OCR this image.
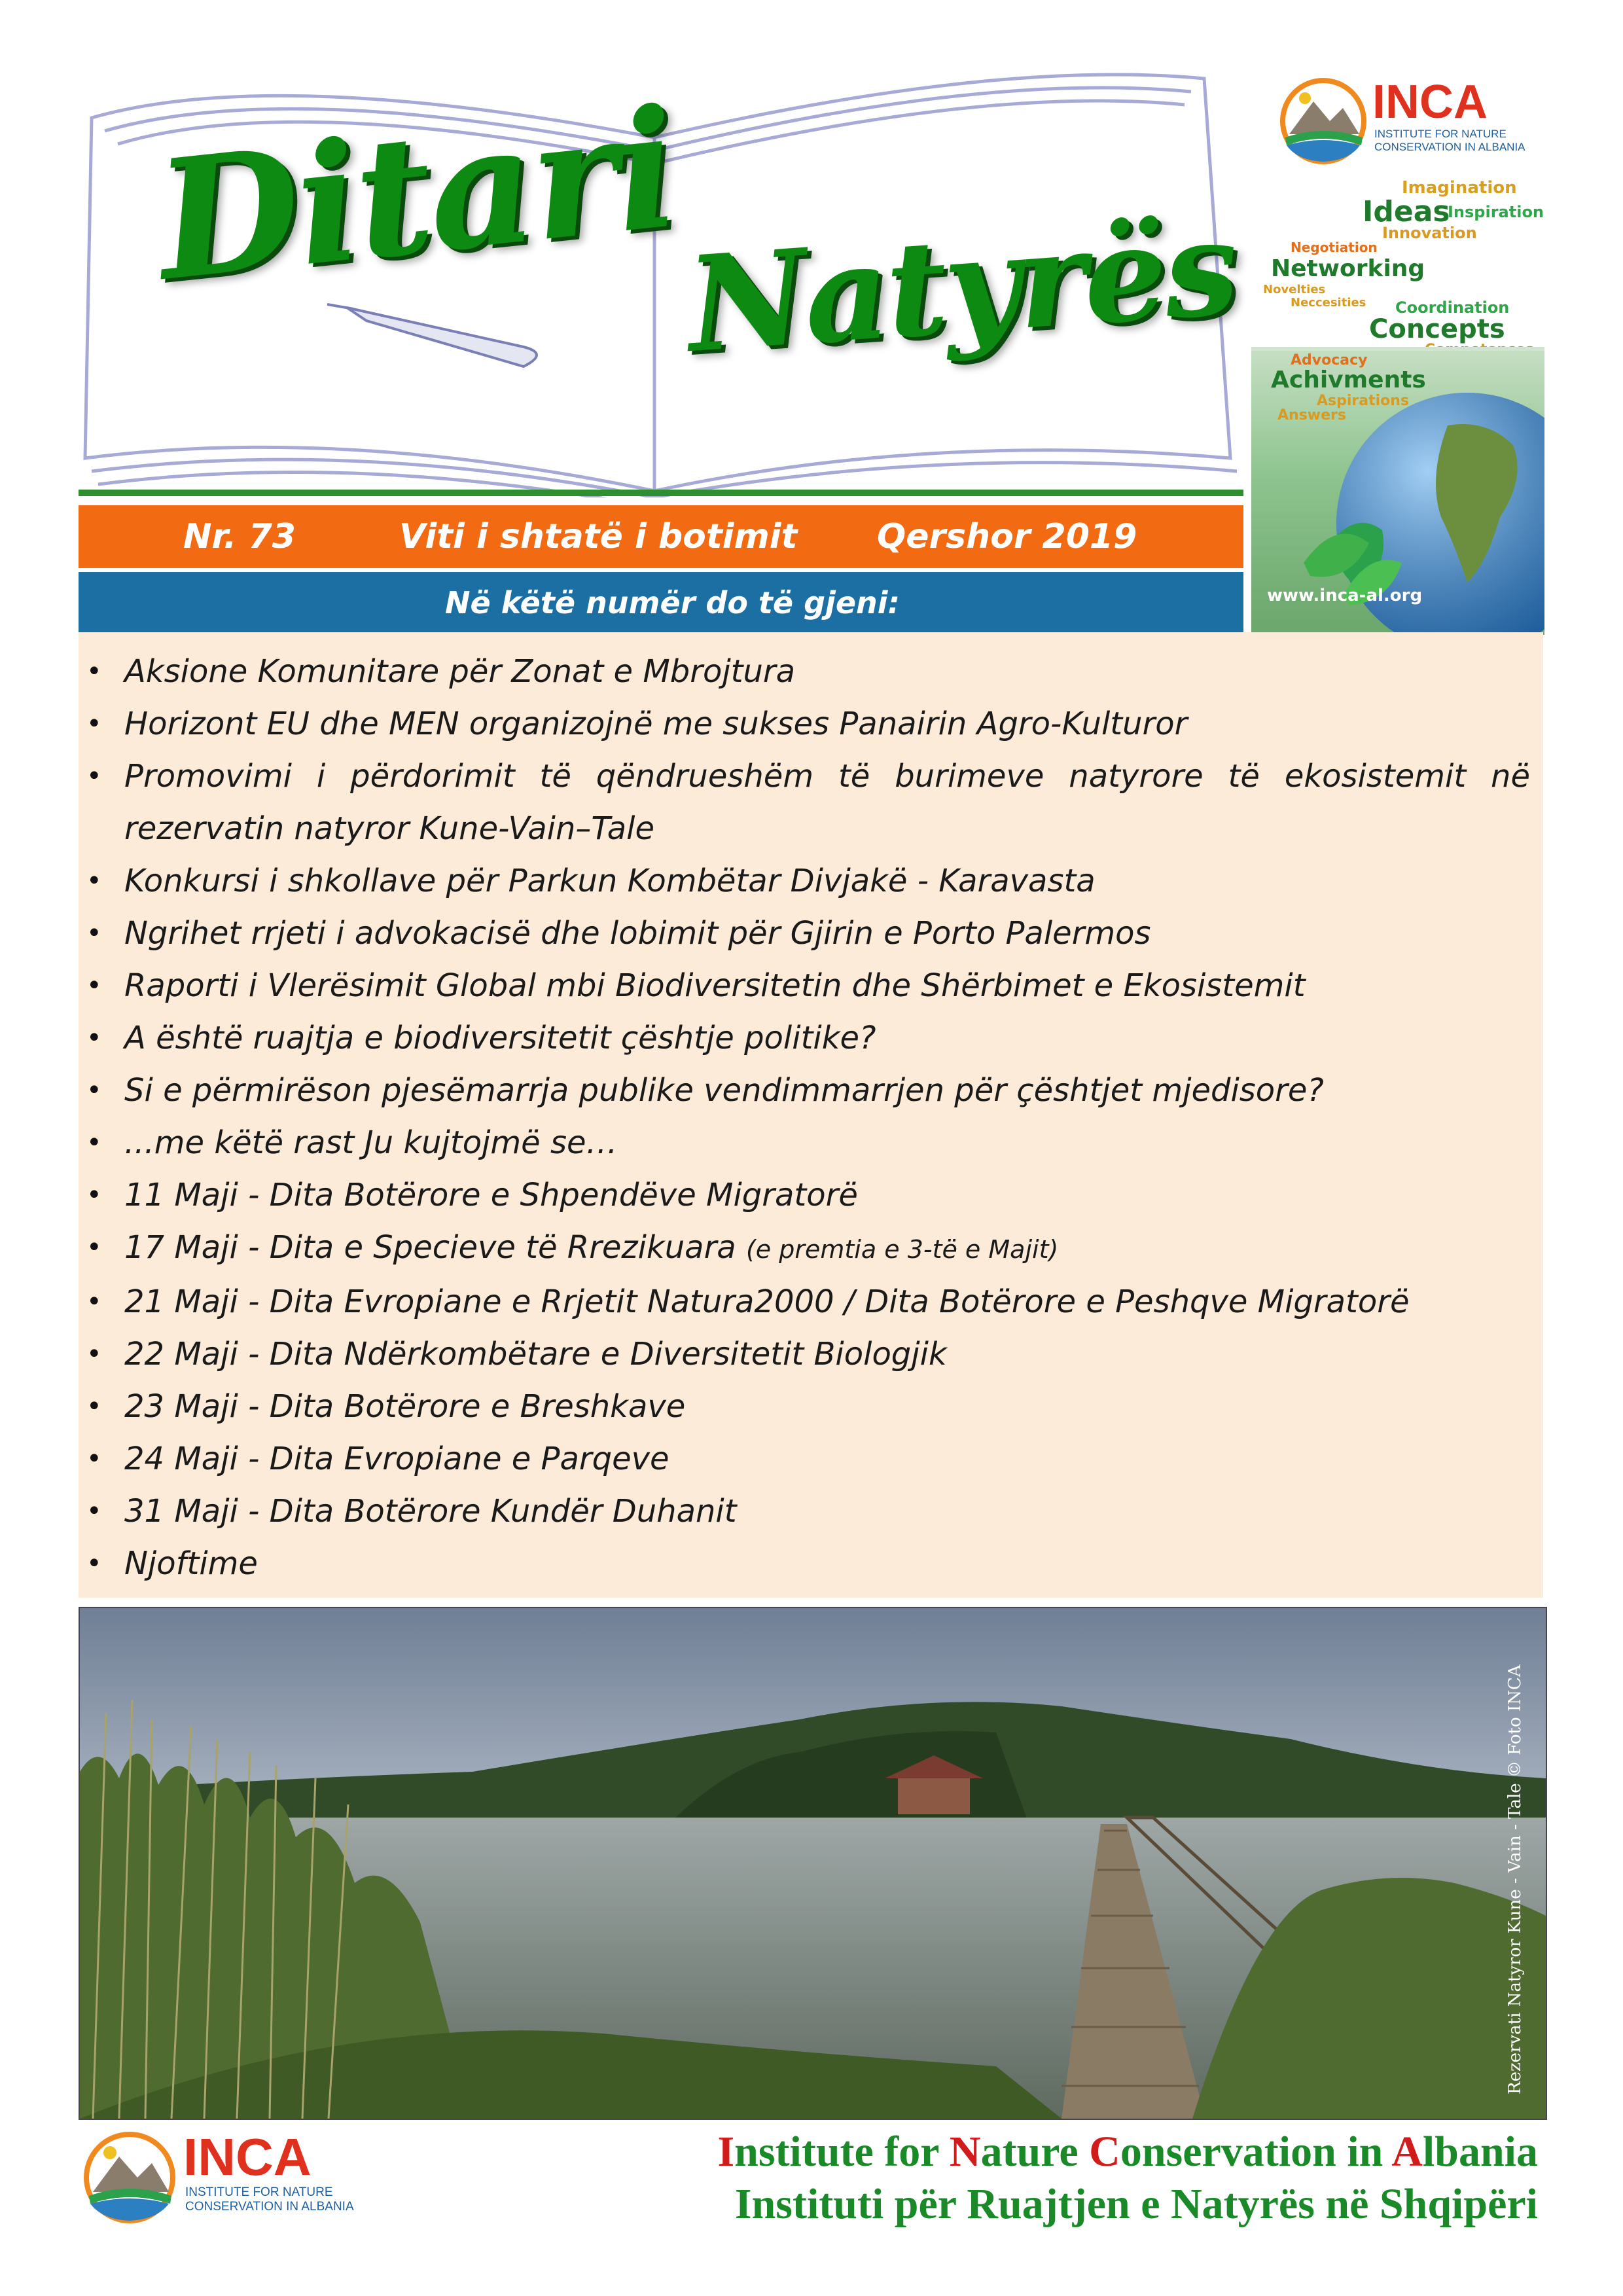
Ditari
Natyrës
Nr. 73	Viti i shtatë i botimit Qershor 2019
Në këtë numër do të gjeni:
INCA
INSTITUTE FOR NATURE
CONSERVATION IN ALBANIA
Imagination
Ideas
Inspiration
Innovation
Negotiation
Networking
Novelties
Neccesities Coordination
Concepts
Advocacy
Achivments
Aspirations
Answers
www.inca-al.org
• Aksione Komunitare për Zonat e Mbrojtura
• Horizont EU dhe MEN organizojnë me sukses Panairin Agro-Kulturor
• Promovimi i përdorimit të qëndrueshëm të burimeve natyrore të ekosistemit në rezervatin natyror Kune-Vain–Tale
• Konkursi i shkollave për Parkun Kombëtar Divjakë - Karavasta
• Ngrihet rrjeti i advokacisë dhe lobimit për Gjirin e Porto Palermos
• Raporti i Vlerësimit Global mbi Biodiversitetin dhe Shërbimet e Ekosistemit
• A është ruajtja e biodiversitetit çështje politike?
• Si e përmirëson pjesëmarrja publike vendimmarrjen për çështjet mjedisore?
• ...me këtë rast Ju kujtojmë se…
• 11 Maji - Dita Botërore e Shpendëve Migratorë
• 17 Maji - Dita e Specieve të Rrezikuara (e premtia e 3-të e Majit)
• 21 Maji - Dita Evropiane e Rrjetit Natura2000 / Dita Botërore e Peshqve Migratorë
• 22 Maji - Dita Ndërkombëtare e Diversitetit Biologjik
• 23 Maji - Dita Botërore e Breshkave
• 24 Maji - Dita Evropiane e Parqeve
• 31 Maji - Dita Botërore Kundër Duhanit
• Njoftime
Rezervati Natyror Kune - Vain - Tale © Foto INCA
INCA
INSTITUTE FOR NATURE
CONSERVATION IN ALBANIA
Institute for Nature Conservation in Albania
Instituti për Ruajtjen e Natyrës në Shqipëri
